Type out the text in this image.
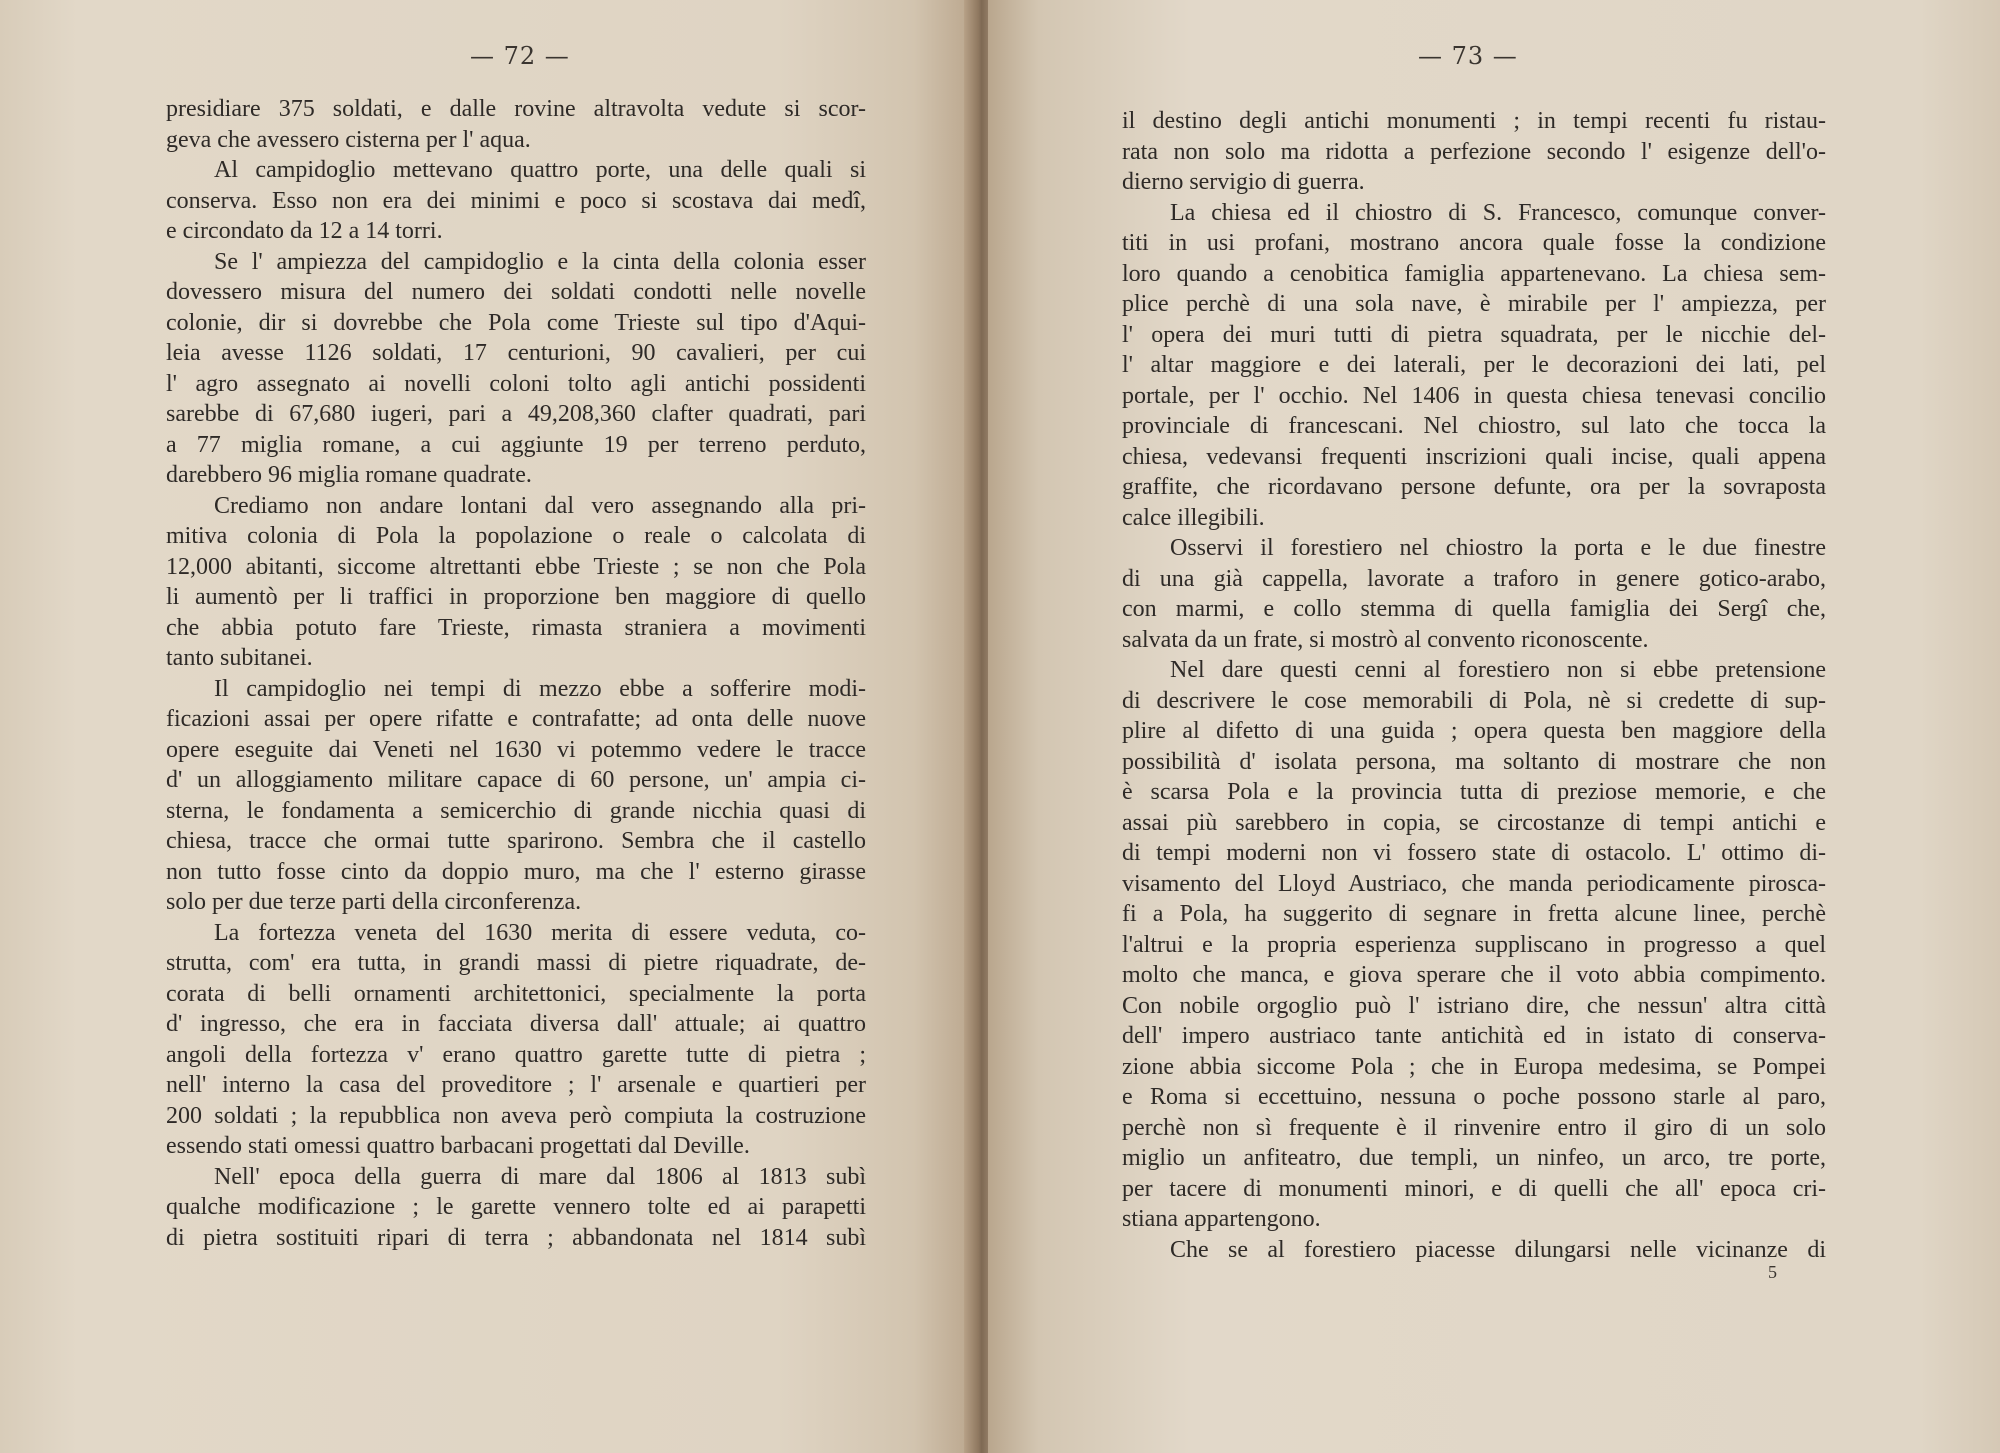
— 72 —
presidiare 375 soldati, e dalle rovine altravolta vedute si scor-
geva che avessero cisterna per l' aqua.
Al campidoglio mettevano quattro porte, una delle quali si
conserva. Esso non era dei minimi e poco si scostava dai medî,
e circondato da 12 a 14 torri.
Se l' ampiezza del campidoglio e la cinta della colonia esser
dovessero misura del numero dei soldati condotti nelle novelle
colonie, dir si dovrebbe che Pola come Trieste sul tipo d'Aqui-
leia avesse 1126 soldati, 17 centurioni, 90 cavalieri, per cui
l' agro assegnato ai novelli coloni tolto agli antichi possidenti
sarebbe di 67,680 iugeri, pari a 49,208,360 clafter quadrati, pari
a 77 miglia romane, a cui aggiunte 19 per terreno perduto,
darebbero 96 miglia romane quadrate.
Crediamo non andare lontani dal vero assegnando alla pri-
mitiva colonia di Pola la popolazione o reale o calcolata di
12,000 abitanti, siccome altrettanti ebbe Trieste ; se non che Pola
li aumentò per li traffici in proporzione ben maggiore di quello
che abbia potuto fare Trieste, rimasta straniera a movimenti
tanto subitanei.
Il campidoglio nei tempi di mezzo ebbe a sofferire modi-
ficazioni assai per opere rifatte e contrafatte; ad onta delle nuove
opere eseguite dai Veneti nel 1630 vi potemmo vedere le tracce
d' un alloggiamento militare capace di 60 persone, un' ampia ci-
sterna, le fondamenta a semicerchio di grande nicchia quasi di
chiesa, tracce che ormai tutte sparirono. Sembra che il castello
non tutto fosse cinto da doppio muro, ma che l' esterno girasse
solo per due terze parti della circonferenza.
La fortezza veneta del 1630 merita di essere veduta, co-
strutta, com' era tutta, in grandi massi di pietre riquadrate, de-
corata di belli ornamenti architettonici, specialmente la porta
d' ingresso, che era in facciata diversa dall' attuale; ai quattro
angoli della fortezza v' erano quattro garette tutte di pietra ;
nell' interno la casa del proveditore ; l' arsenale e quartieri per
200 soldati ; la repubblica non aveva però compiuta la costruzione
essendo stati omessi quattro barbacani progettati dal Deville.
Nell' epoca della guerra di mare dal 1806 al 1813 subì
qualche modificazione ; le garette vennero tolte ed ai parapetti
di pietra sostituiti ripari di terra ; abbandonata nel 1814 subì
— 73 —
il destino degli antichi monumenti ; in tempi recenti fu ristau-
rata non solo ma ridotta a perfezione secondo l' esigenze dell'o-
dierno servigio di guerra.
La chiesa ed il chiostro di S. Francesco, comunque conver-
titi in usi profani, mostrano ancora quale fosse la condizione
loro quando a cenobitica famiglia appartenevano. La chiesa sem-
plice perchè di una sola nave, è mirabile per l' ampiezza, per
l' opera dei muri tutti di pietra squadrata, per le nicchie del-
l' altar maggiore e dei laterali, per le decorazioni dei lati, pel
portale, per l' occhio. Nel 1406 in questa chiesa tenevasi concilio
provinciale di francescani. Nel chiostro, sul lato che tocca la
chiesa, vedevansi frequenti inscrizioni quali incise, quali appena
graffite, che ricordavano persone defunte, ora per la sovraposta
calce illegibili.
Osservi il forestiero nel chiostro la porta e le due finestre
di una già cappella, lavorate a traforo in genere gotico-arabo,
con marmi, e collo stemma di quella famiglia dei Sergî che,
salvata da un frate, si mostrò al convento riconoscente.
Nel dare questi cenni al forestiero non si ebbe pretensione
di descrivere le cose memorabili di Pola, nè si credette di sup-
plire al difetto di una guida ; opera questa ben maggiore della
possibilità d' isolata persona, ma soltanto di mostrare che non
è scarsa Pola e la provincia tutta di preziose memorie, e che
assai più sarebbero in copia, se circostanze di tempi antichi e
di tempi moderni non vi fossero state di ostacolo. L' ottimo di-
visamento del Lloyd Austriaco, che manda periodicamente pirosca-
fi a Pola, ha suggerito di segnare in fretta alcune linee, perchè
l'altrui e la propria esperienza suppliscano in progresso a quel
molto che manca, e giova sperare che il voto abbia compimento.
Con nobile orgoglio può l' istriano dire, che nessun' altra città
dell' impero austriaco tante antichità ed in istato di conserva-
zione abbia siccome Pola ; che in Europa medesima, se Pompei
e Roma si eccettuino, nessuna o poche possono starle al paro,
perchè non sì frequente è il rinvenire entro il giro di un solo
miglio un anfiteatro, due templi, un ninfeo, un arco, tre porte,
per tacere di monumenti minori, e di quelli che all' epoca cri-
stiana appartengono.
Che se al forestiero piacesse dilungarsi nelle vicinanze di
5
